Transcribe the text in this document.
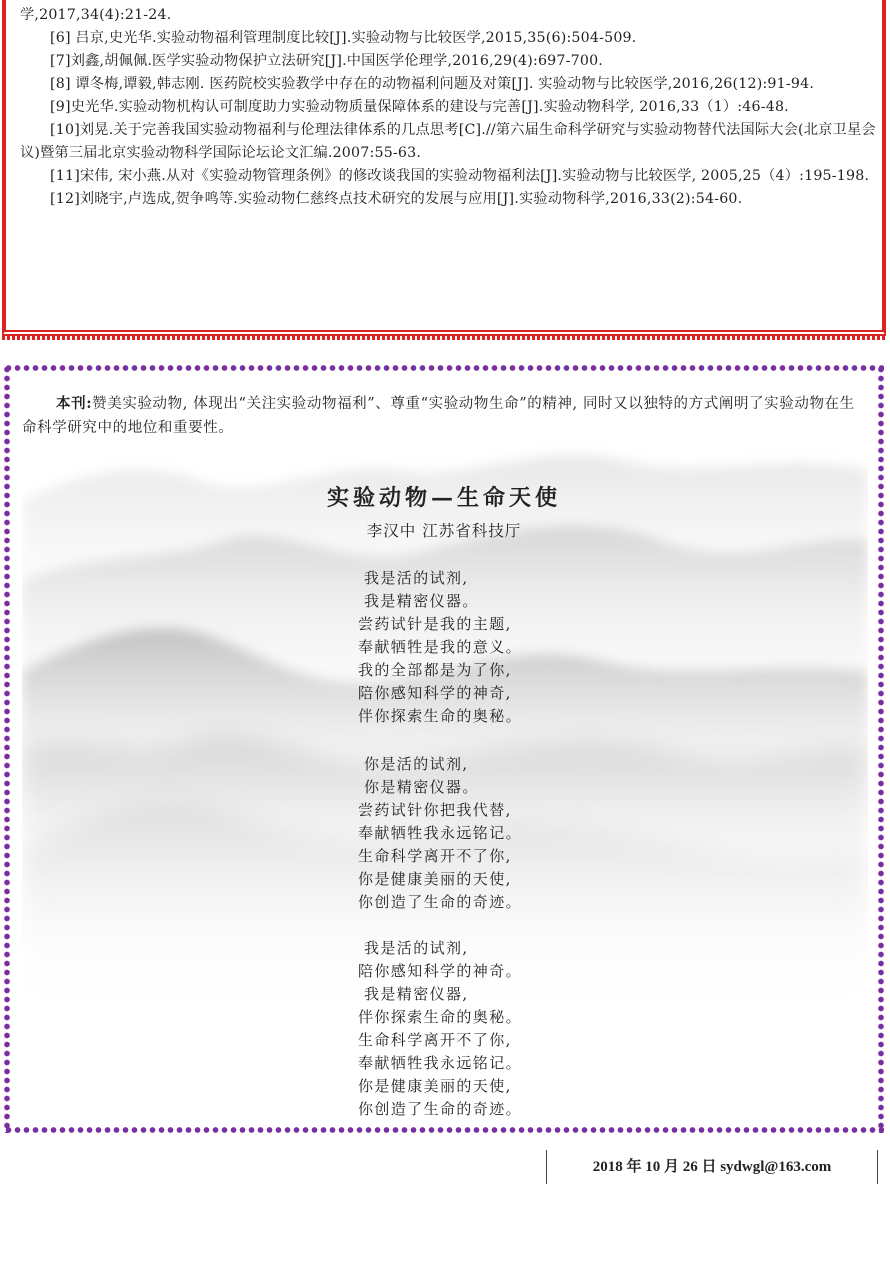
学,2017,34(4):21-24.
[6] 吕京,史光华.实验动物福利管理制度比较[J].实验动物与比较医学,2015,35(6):504-509.
[7]刘鑫,胡佩佩.医学实验动物保护立法研究[J].中国医学伦理学,2016,29(4):697-700.
[8] 谭冬梅,谭毅,韩志刚. 医药院校实验教学中存在的动物福利问题及对策[J]. 实验动物与比较医学,2016,26(12):91-94.
[9]史光华.实验动物机构认可制度助力实验动物质量保障体系的建设与完善[J].实验动物科学, 2016,33（1）:46-48.
[10]刘晃.关于完善我国实验动物福利与伦理法律体系的几点思考[C].//第六届生命科学研究与实验动物替代法国际大会(北京卫星会议)暨第三届北京实验动物科学国际论坛论文汇编.2007:55-63.
[11]宋伟, 宋小燕.从对《实验动物管理条例》的修改谈我国的实验动物福利法[J].实验动物与比较医学, 2005,25（4）:195-198.
[12]刘晓宇,卢选成,贺争鸣等.实验动物仁慈终点技术研究的发展与应用[J].实验动物科学,2016,33(2):54-60.

本刊:赞美实验动物, 体现出“关注实验动物福利”、尊重“实验动物生命”的精神, 同时又以独特的方式阐明了实验动物在生命科学研究中的地位和重要性。

实验动物—生命天使
李汉中 江苏省科技厅
我是活的试剂,
我是精密仪器。
尝药试针是我的主题,
奉献牺牲是我的意义。
我的全部都是为了你,
陪你感知科学的神奇,
伴你探索生命的奥秘。
你是活的试剂,
你是精密仪器。
尝药试针你把我代替,
奉献牺牲我永远铭记。
生命科学离开不了你,
你是健康美丽的天使,
你创造了生命的奇迹。
我是活的试剂,
陪你感知科学的神奇。
我是精密仪器,
伴你探索生命的奥秘。
生命科学离开不了你,
奉献牺牲我永远铭记。
你是健康美丽的天使,
你创造了生命的奇迹。
2018 年 10 月 26 日 sydwgl@163.com
